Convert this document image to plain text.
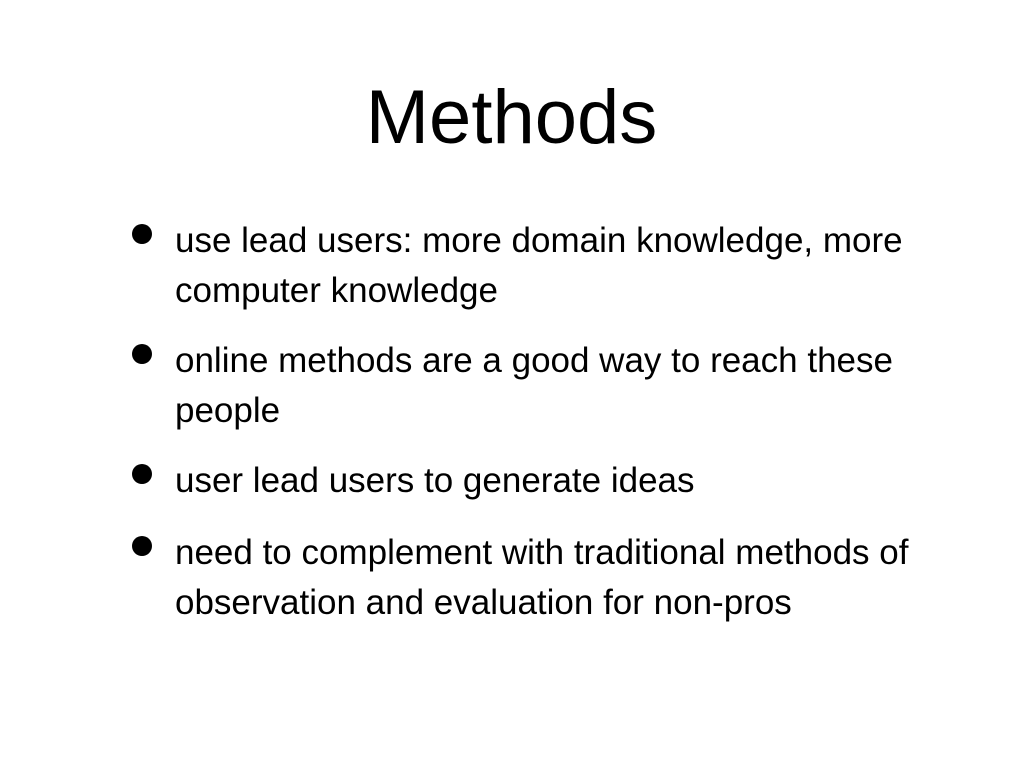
Methods
use lead users: more domain knowledge, more computer knowledge
online methods are a good way to reach these people
user lead users to generate ideas
need to complement with traditional methods of observation and evaluation for non-pros
